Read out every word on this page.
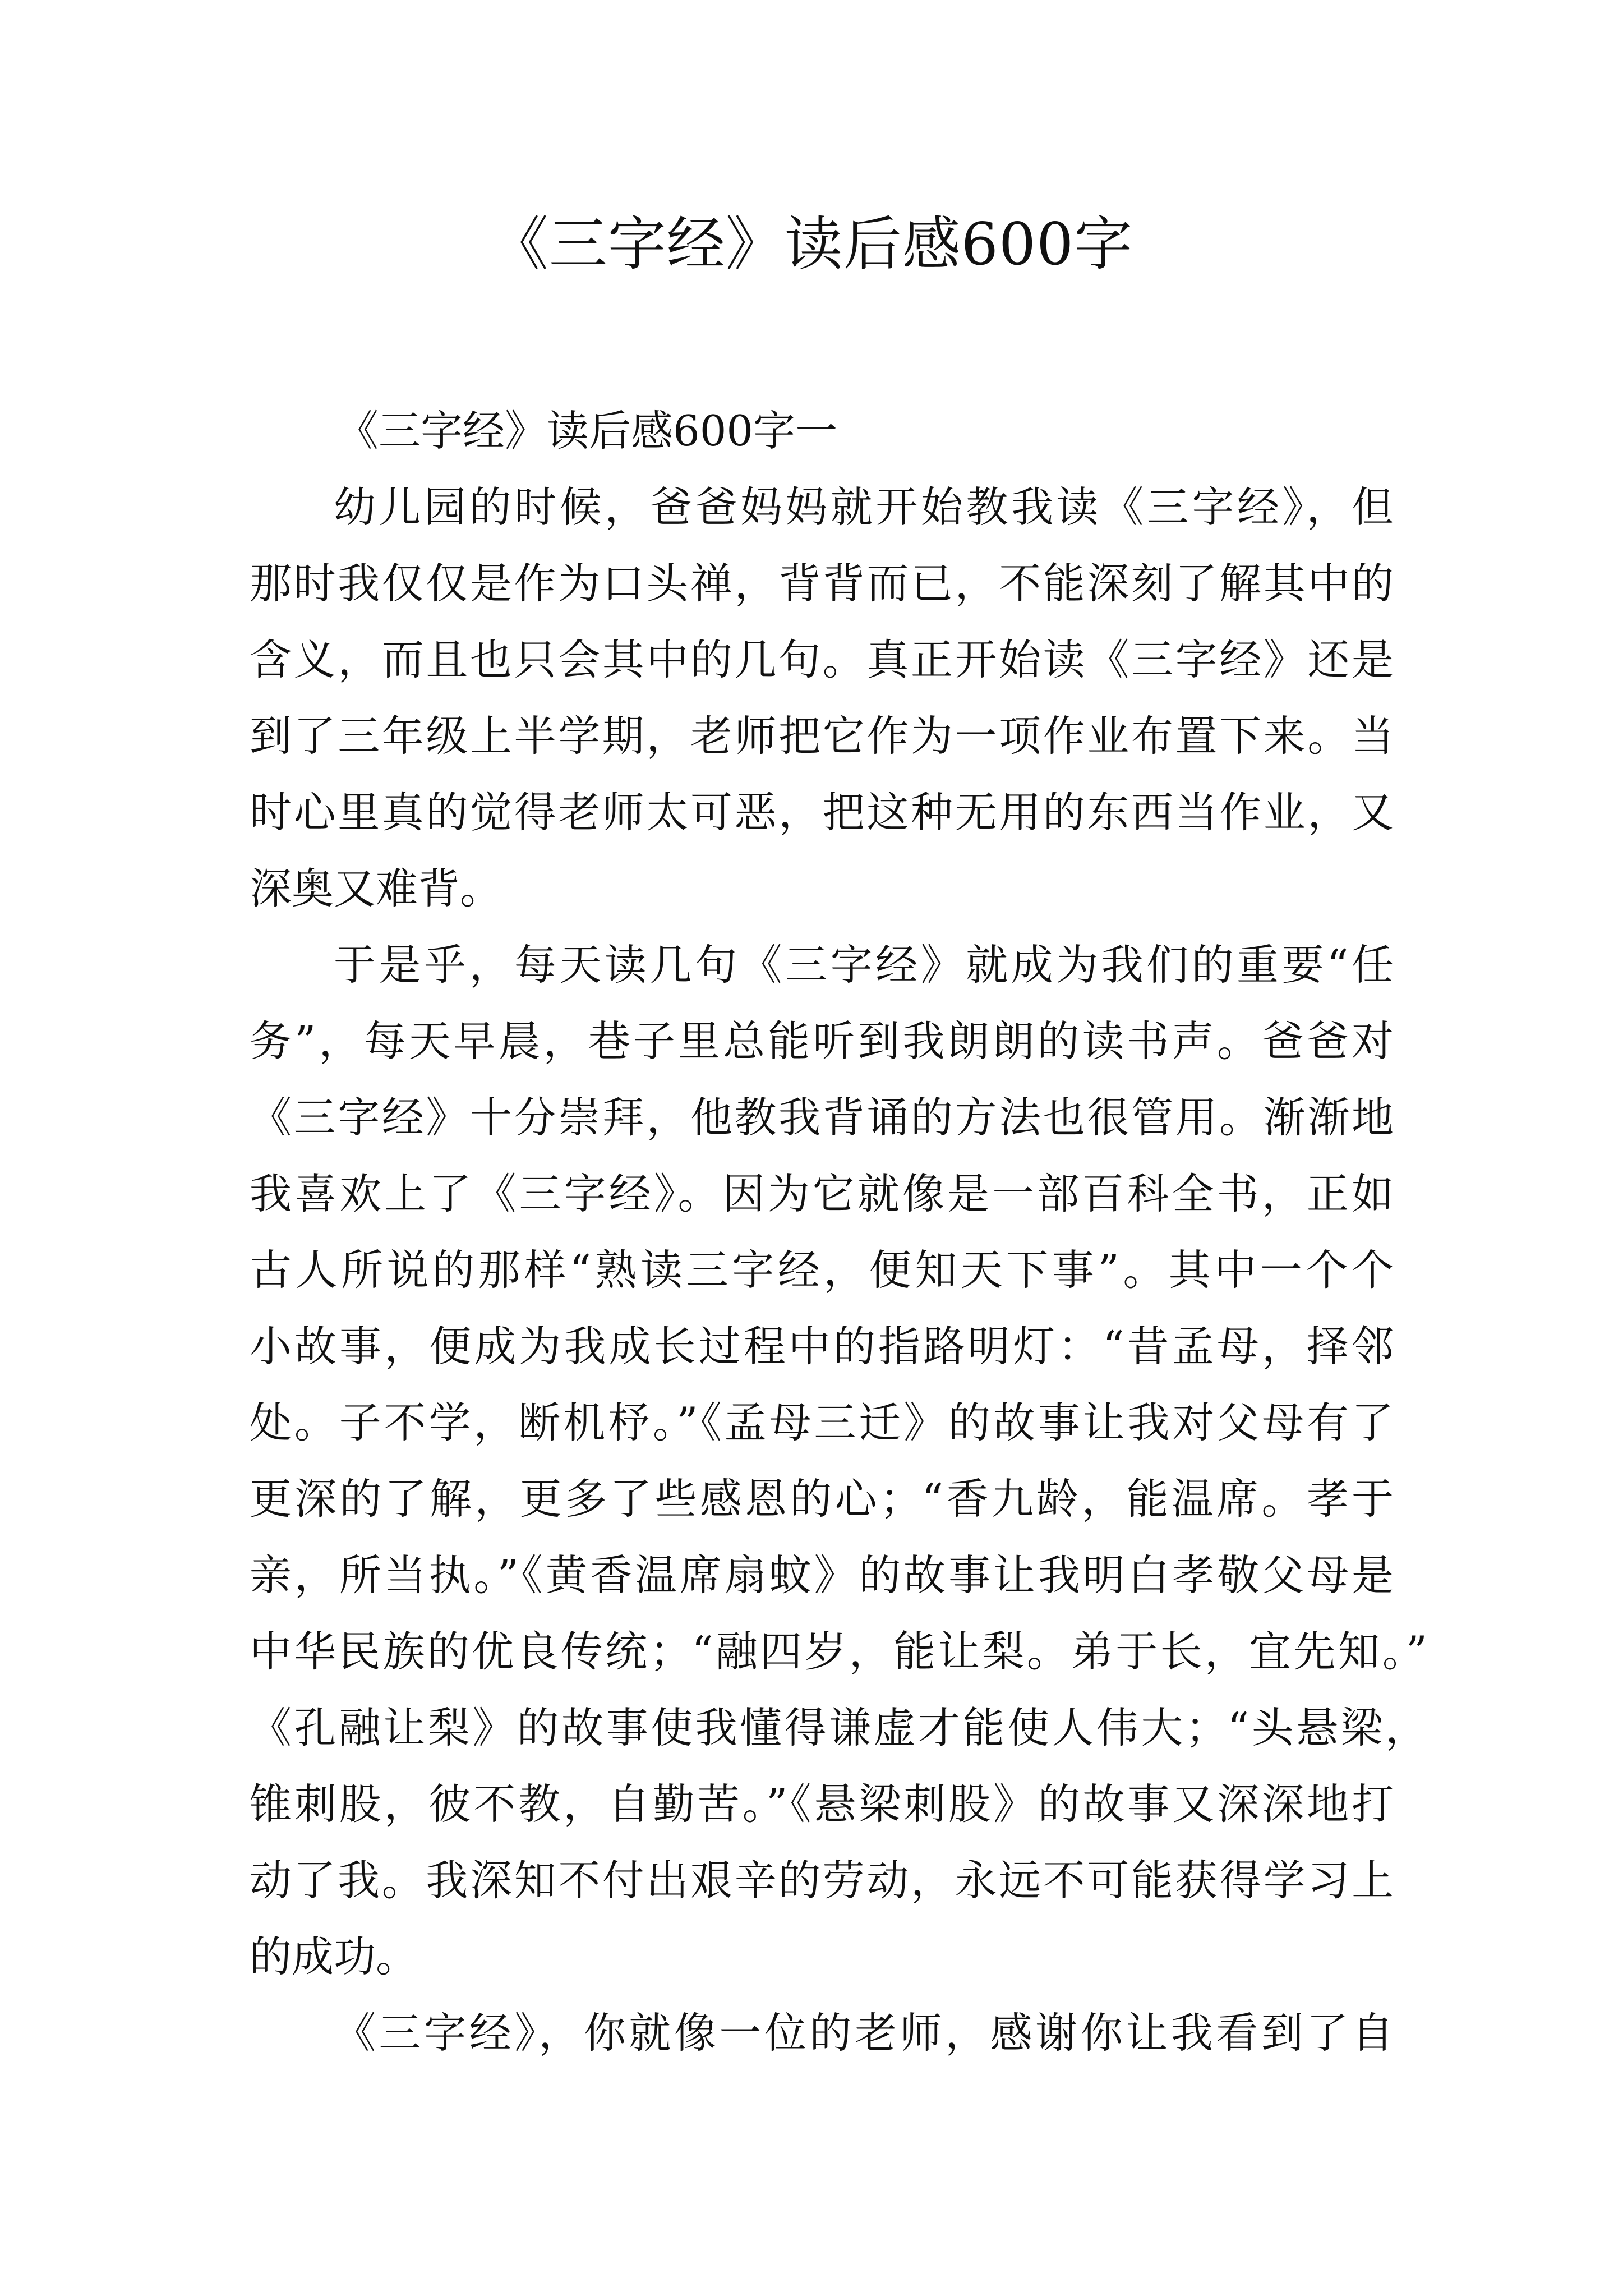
《三字经》读后感600字
《三字经》读后感600字一
幼儿园的时候，爸爸妈妈就开始教我读《三字经》，但
那时我仅仅是作为口头禅，背背而已，不能深刻了解其中的
含义，而且也只会其中的几句。真正开始读《三字经》还是
到了三年级上半学期，老师把它作为一项作业布置下来。当
时心里真的觉得老师太可恶，把这种无用的东西当作业，又
深奥又难背。
于是乎，每天读几句《三字经》就成为我们的重要“任
务”，每天早晨，巷子里总能听到我朗朗的读书声。爸爸对
《三字经》十分崇拜，他教我背诵的方法也很管用。渐渐地
我喜欢上了《三字经》。因为它就像是一部百科全书，正如
古人所说的那样“熟读三字经，便知天下事”。其中一个个
小故事，便成为我成长过程中的指路明灯：“昔孟母，择邻
处。子不学，断机杼。”《孟母三迁》的故事让我对父母有了
更深的了解，更多了些感恩的心；“香九龄，能温席。孝于
亲，所当执。”《黄香温席扇蚊》的故事让我明白孝敬父母是
中华民族的优良传统；“融四岁，能让梨。弟于长，宜先知。”
《孔融让梨》的故事使我懂得谦虚才能使人伟大；“头悬梁，
锥刺股，彼不教，自勤苦。”《悬梁刺股》的故事又深深地打
动了我。我深知不付出艰辛的劳动，永远不可能获得学习上
的成功。
《三字经》，你就像一位的老师，感谢你让我看到了自
